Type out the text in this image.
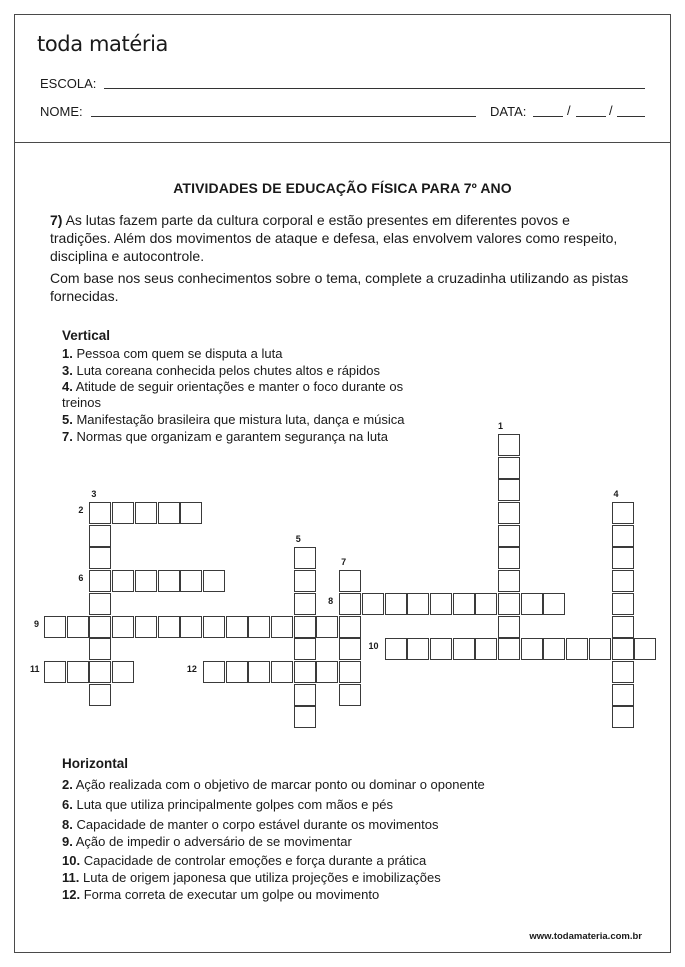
toda matéria
ESCOLA:
NOME:	DATA:	/	/
ATIVIDADES DE EDUCAÇÃO FÍSICA PARA 7º ANO

7) As lutas fazem parte da cultura corporal e estão presentes em diferentes povos e tradições. Além dos movimentos de ataque e defesa, elas envolvem valores como respeito, disciplina e autocontrole.

Com base nos seus conhecimentos sobre o tema, complete a cruzadinha utilizando as pistas fornecidas.

Vertical
1. Pessoa com quem se disputa a luta
3. Luta coreana conhecida pelos chutes altos e rápidos
4. Atitude de seguir orientações e manter o foco durante os treinos
5. Manifestação brasileira que mistura luta, dança e música
7. Normas que organizam e garantem segurança na luta
1
2
3	4
5
6
7
8
9
10
11	12
Horizontal
2. Ação realizada com o objetivo de marcar ponto ou dominar o oponente
6. Luta que utiliza principalmente golpes com mãos e pés
8. Capacidade de manter o corpo estável durante os movimentos
9. Ação de impedir o adversário de se movimentar
10. Capacidade de controlar emoções e força durante a prática
11. Luta de origem japonesa que utiliza projeções e imobilizações
12. Forma correta de executar um golpe ou movimento
www.todamateria.com.br
